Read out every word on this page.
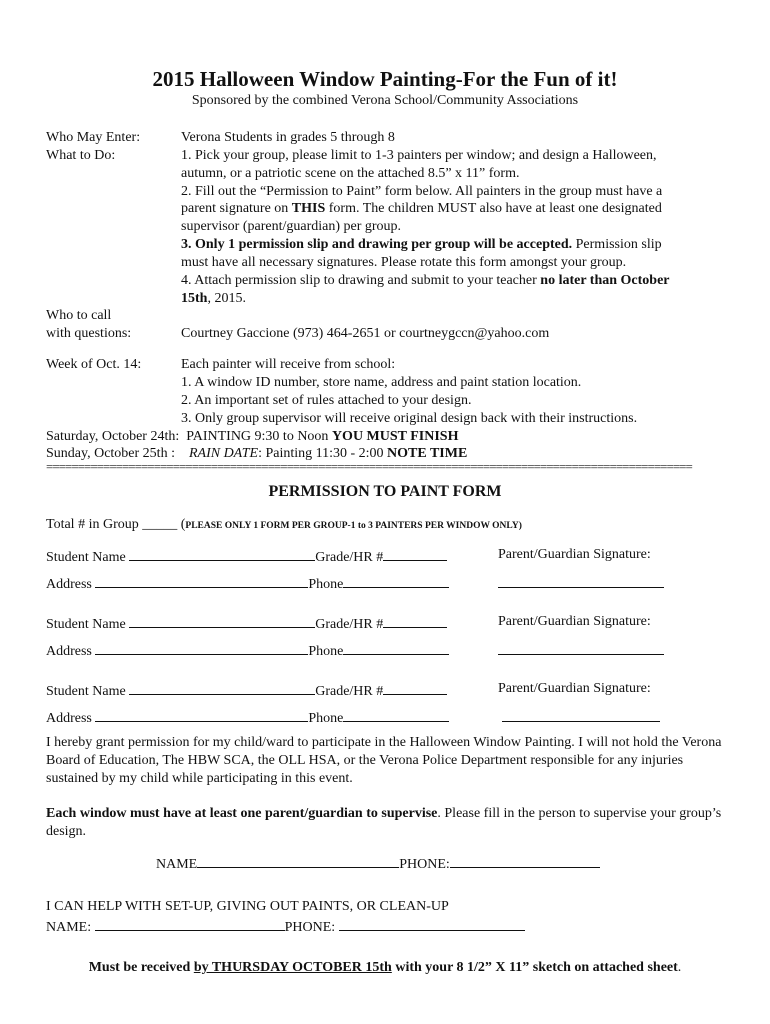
2015 Halloween Window Painting-For the Fun of it!
Sponsored by the combined Verona School/Community Associations
Who May Enter:	Verona Students in grades 5 through 8
What to Do:	1. Pick your group, please limit to 1-3 painters per window; and design a Halloween,
autumn, or a patriotic scene on the attached 8.5” x 11” form.
2. Fill out the “Permission to Paint” form below. All painters in the group must have a
parent signature on THIS form. The children MUST also have at least one designated
supervisor (parent/guardian) per group.
3. Only 1 permission slip and drawing per group will be accepted. Permission slip
must have all necessary signatures. Please rotate this form amongst your group.
4. Attach permission slip to drawing and submit to your teacher no later than October
15th, 2015.
Who to call
with questions:	Courtney Gaccione (973) 464-2651 or courtneygccn@yahoo.com
Week of Oct. 14:	Each painter will receive from school:
1. A window ID number, store name, address and paint station location.
2. An important set of rules attached to your design.
3. Only group supervisor will receive original design back with their instructions.
Saturday, October 24th:  PAINTING 9:30 to Noon YOU MUST FINISH
Sunday, October 25th :    RAIN DATE: Painting 11:30 - 2:00 NOTE TIME
======================================================================================================
PERMISSION TO PAINT FORM
Total # in Group _____ (PLEASE ONLY 1 FORM PER GROUP-1 to 3 PAINTERS PER WINDOW ONLY)
Student Name	Grade/HR #	Parent/Guardian Signature:
Address	Phone
Student Name	Grade/HR #	Parent/Guardian Signature:
Address	Phone
Student Name	Grade/HR #	Parent/Guardian Signature:
Address	Phone
I hereby grant permission for my child/ward to participate in the Halloween Window Painting. I will not hold the Verona Board of Education, The HBW SCA, the OLL HSA, or the Verona Police Department responsible for any injuries sustained by my child while participating in this event.
Each window must have at least one parent/guardian to supervise. Please fill in the person to supervise your group’s design.
NAME	PHONE:
I CAN HELP WITH SET-UP, GIVING OUT PAINTS, OR CLEAN-UP
NAME:	PHONE:
Must be received by THURSDAY OCTOBER 15th with your 8 1/2” X 11” sketch on attached sheet.
